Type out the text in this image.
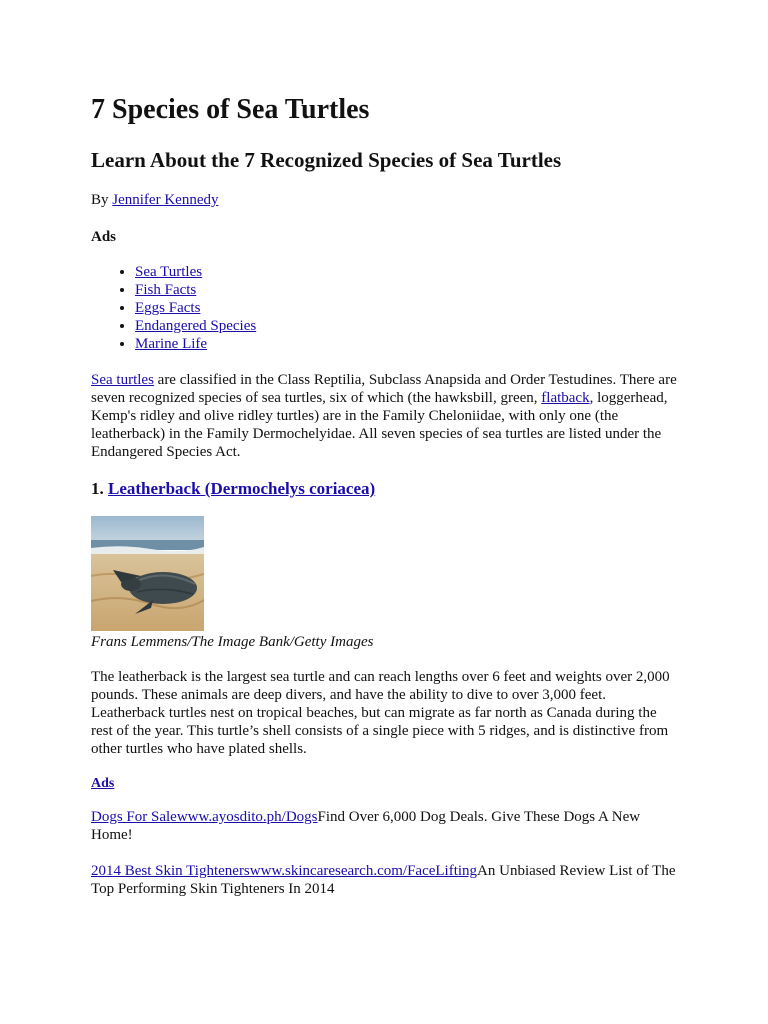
7 Species of Sea Turtles
Learn About the 7 Recognized Species of Sea Turtles
By Jennifer Kennedy
Ads
• Sea Turtles
• Fish Facts
• Eggs Facts
• Endangered Species
• Marine Life

Sea turtles are classified in the Class Reptilia, Subclass Anapsida and Order Testudines. There are seven recognized species of sea turtles, six of which (the hawksbill, green, flatback, loggerhead, Kemp's ridley and olive ridley turtles) are in the Family Cheloniidae, with only one (the leatherback) in the Family Dermochelyidae. All seven species of sea turtles are listed under the Endangered Species Act.

1. Leatherback (Dermochelys coriacea)
Frans Lemmens/The Image Bank/Getty Images

The leatherback is the largest sea turtle and can reach lengths over 6 feet and weights over 2,000 pounds. These animals are deep divers, and have the ability to dive to over 3,000 feet. Leatherback turtles nest on tropical beaches, but can migrate as far north as Canada during the rest of the year. This turtle’s shell consists of a single piece with 5 ridges, and is distinctive from other turtles who have plated shells.

Ads

Dogs For Salewww.ayosdito.ph/DogsFind Over 6,000 Dog Deals. Give These Dogs A New Home!

2014 Best Skin Tightenerswww.skincaresearch.com/FaceLiftingAn Unbiased Review List of The Top Performing Skin Tighteners In 2014
